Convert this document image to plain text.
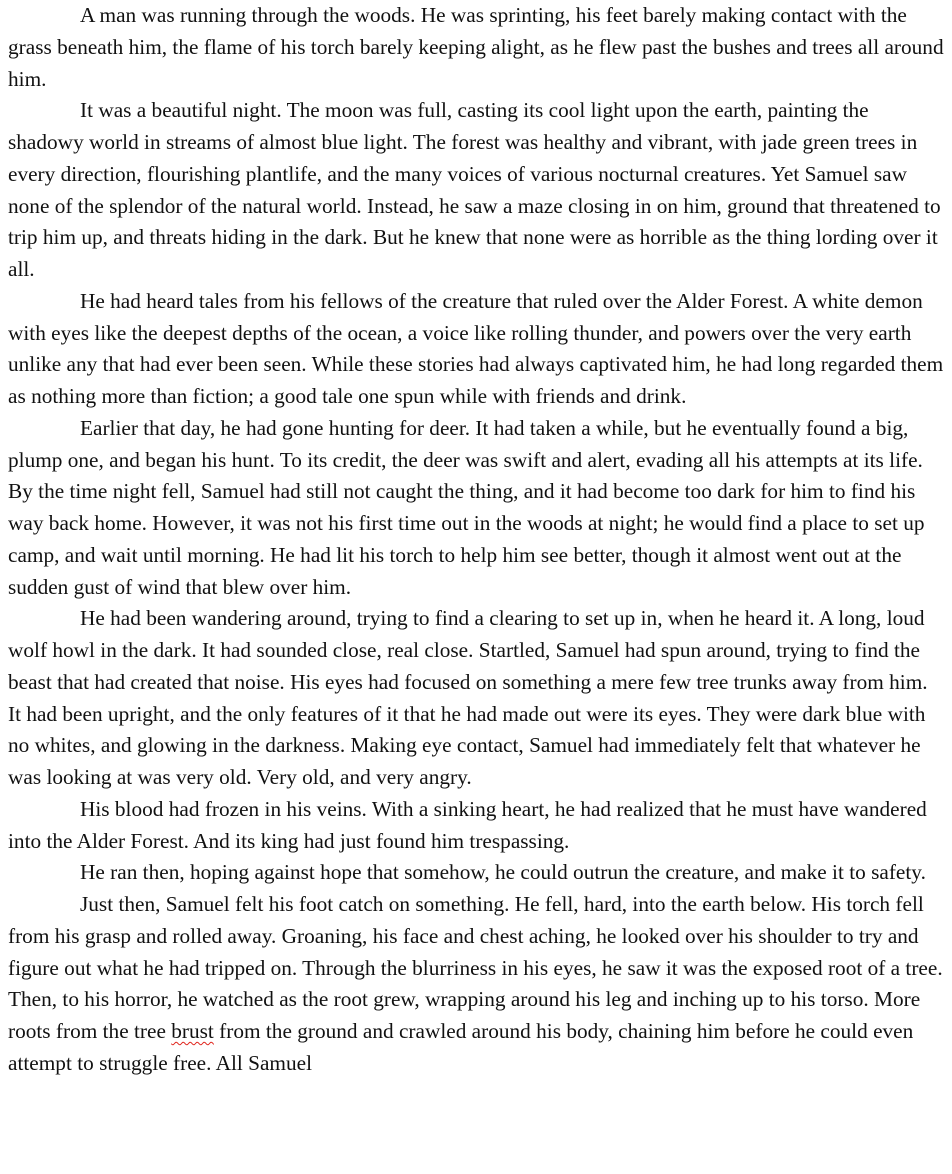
A man was running through the woods. He was sprinting, his feet barely making contact with the grass beneath him, the flame of his torch barely keeping alight, as he flew past the bushes and trees all around him.

It was a beautiful night. The moon was full, casting its cool light upon the earth, painting the shadowy world in streams of almost blue light. The forest was healthy and vibrant, with jade green trees in every direction, flourishing plantlife, and the many voices of various nocturnal creatures. Yet Samuel saw none of the splendor of the natural world. Instead, he saw a maze closing in on him, ground that threatened to trip him up, and threats hiding in the dark. But he knew that none were as horrible as the thing lording over it all.

He had heard tales from his fellows of the creature that ruled over the Alder Forest. A white demon with eyes like the deepest depths of the ocean, a voice like rolling thunder, and powers over the very earth unlike any that had ever been seen. While these stories had always captivated him, he had long regarded them as nothing more than fiction; a good tale one spun while with friends and drink.

Earlier that day, he had gone hunting for deer. It had taken a while, but he eventually found a big, plump one, and began his hunt. To its credit, the deer was swift and alert, evading all his attempts at its life. By the time night fell, Samuel had still not caught the thing, and it had become too dark for him to find his way back home. However, it was not his first time out in the woods at night; he would find a place to set up camp, and wait until morning. He had lit his torch to help him see better, though it almost went out at the sudden gust of wind that blew over him.

He had been wandering around, trying to find a clearing to set up in, when he heard it. A long, loud wolf howl in the dark. It had sounded close, real close. Startled, Samuel had spun around, trying to find the beast that had created that noise. His eyes had focused on something a mere few tree trunks away from him. It had been upright, and the only features of it that he had made out were its eyes. They were dark blue with no whites, and glowing in the darkness. Making eye contact, Samuel had immediately felt that whatever he was looking at was very old. Very old, and very angry.

His blood had frozen in his veins. With a sinking heart, he had realized that he must have wandered into the Alder Forest. And its king had just found him trespassing.

He ran then, hoping against hope that somehow, he could outrun the creature, and make it to safety.

Just then, Samuel felt his foot catch on something. He fell, hard, into the earth below. His torch fell from his grasp and rolled away. Groaning, his face and chest aching, he looked over his shoulder to try and figure out what he had tripped on. Through the blurriness in his eyes, he saw it was the exposed root of a tree. Then, to his horror, he watched as the root grew, wrapping around his leg and inching up to his torso. More roots from the tree brust from the ground and crawled around his body, chaining him before he could even attempt to struggle free. All Samuel
